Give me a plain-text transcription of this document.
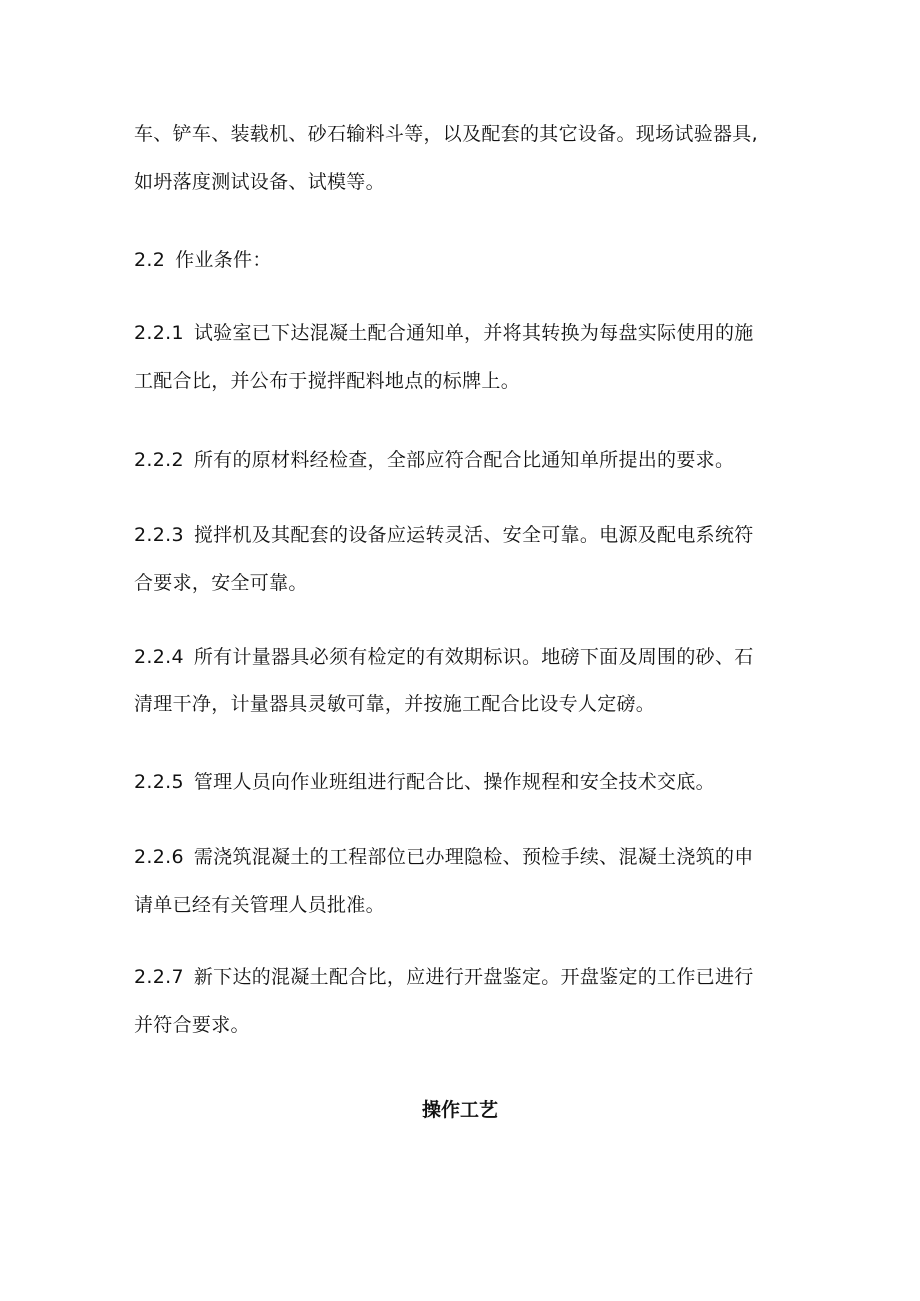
车、铲车、装载机、砂石输料斗等，以及配套的其它设备。现场试验器具,
如坍落度测试设备、试模等。
2.2 作业条件：
2.2.1 试验室已下达混凝土配合通知单，并将其转换为每盘实际使用的施
工配合比，并公布于搅拌配料地点的标牌上。
2.2.2 所有的原材料经检查，全部应符合配合比通知单所提出的要求。
2.2.3 搅拌机及其配套的设备应运转灵活、安全可靠。电源及配电系统符
合要求，安全可靠。
2.2.4 所有计量器具必须有检定的有效期标识。地磅下面及周围的砂、石
清理干净，计量器具灵敏可靠，并按施工配合比设专人定磅。
2.2.5 管理人员向作业班组进行配合比、操作规程和安全技术交底。
2.2.6 需浇筑混凝土的工程部位已办理隐检、预检手续、混凝土浇筑的申
请单已经有关管理人员批准。
2.2.7 新下达的混凝土配合比，应进行开盘鉴定。开盘鉴定的工作已进行
并符合要求。
操作工艺
